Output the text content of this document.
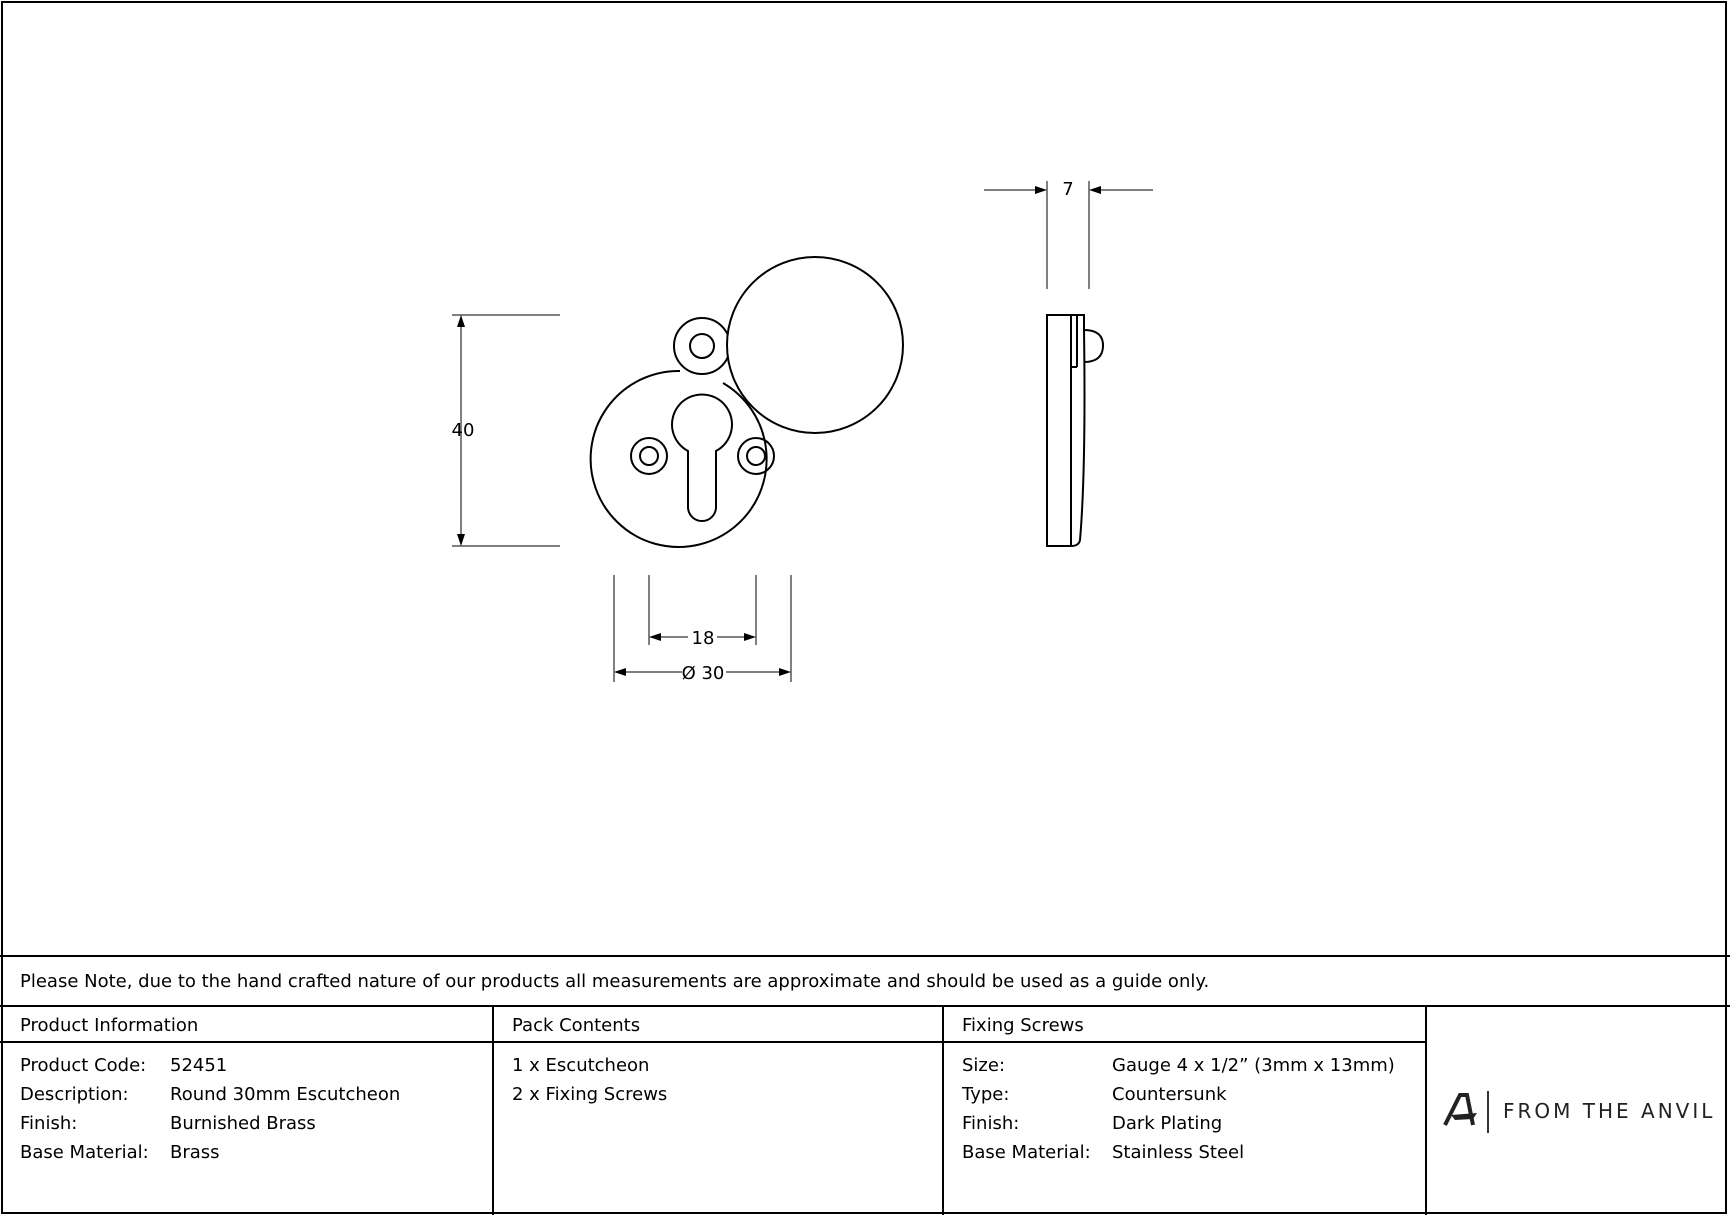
40
18
Ø 30
7
Please Note, due to the hand crafted nature of our products all measurements are approximate and should be used as a guide only.
Product Information
Product Code:	52451
Description:	Round 30mm Escutcheon
Finish:	Burnished Brass
Base Material:	Brass
Pack Contents
1 x Escutcheon
2 x Fixing Screws
Fixing Screws
Size:	Gauge 4 x 1/2” (3mm x 13mm)
Type:	Countersunk
Finish:	Dark Plating
Base Material:	Stainless Steel
FROM THE ANVIL
